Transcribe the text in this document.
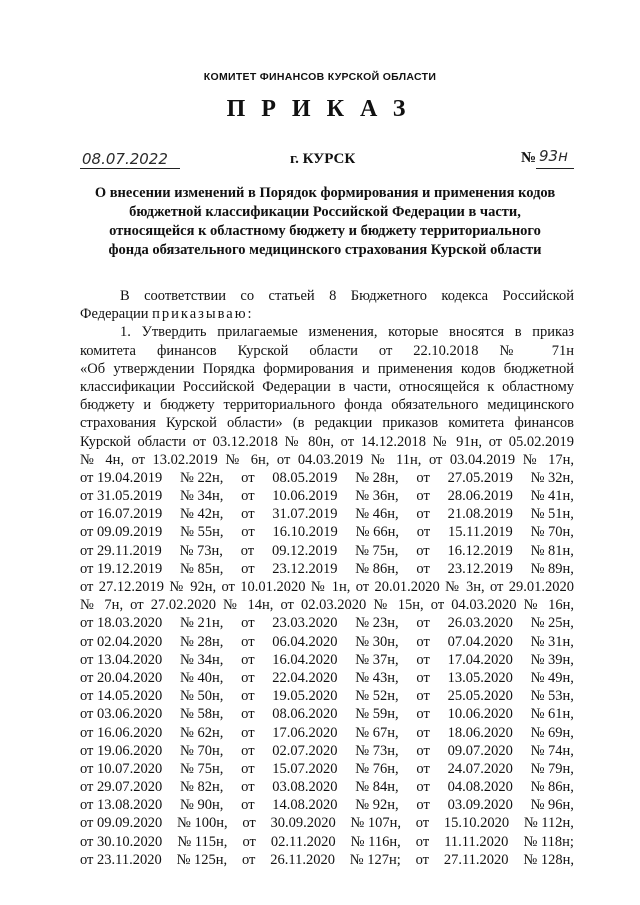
КОМИТЕТ ФИНАНСОВ КУРСКОЙ ОБЛАСТИ
ПРИКАЗ
08.07.2022	г. КУРСК	№ 93н
О внесении изменений в Порядок формирования и применения кодов
бюджетной классификации Российской Федерации в части,
относящейся к областному бюджету и бюджету территориального
фонда обязательного медицинского страхования Курской области
В соответствии со статьей 8 Бюджетного кодекса Российской
Федерации приказываю:
1. Утвердить прилагаемые изменения, которые вносятся в приказ
комитета финансов Курской области от 22.10.2018 № 71н
«Об утверждении Порядка формирования и применения кодов бюджетной
классификации Российской Федерации в части, относящейся к областному
бюджету и бюджету территориального фонда обязательного медицинского
страхования Курской области» (в редакции приказов комитета финансов
Курской области от 03.12.2018 № 80н, от 14.12.2018 № 91н, от 05.02.2019
№ 4н, от 13.02.2019 № 6н, от 04.03.2019 № 11н, от 03.04.2019 № 17н,
от 19.04.2019 № 22н, от 08.05.2019 № 28н, от 27.05.2019 № 32н,
от 31.05.2019 № 34н, от 10.06.2019 № 36н, от 28.06.2019 № 41н,
от 16.07.2019 № 42н, от 31.07.2019 № 46н, от 21.08.2019 № 51н,
от 09.09.2019 № 55н, от 16.10.2019 № 66н, от 15.11.2019 № 70н,
от 29.11.2019 № 73н, от 09.12.2019 № 75н, от 16.12.2019 № 81н,
от 19.12.2019 № 85н, от 23.12.2019 № 86н, от 23.12.2019 № 89н,
от 27.12.2019 № 92н, от 10.01.2020 № 1н, от 20.01.2020 № 3н, от 29.01.2020
№ 7н, от 27.02.2020 № 14н, от 02.03.2020 № 15н, от 04.03.2020 № 16н,
от 18.03.2020 № 21н, от 23.03.2020 № 23н, от 26.03.2020 № 25н,
от 02.04.2020 № 28н, от 06.04.2020 № 30н, от 07.04.2020 № 31н,
от 13.04.2020 № 34н, от 16.04.2020 № 37н, от 17.04.2020 № 39н,
от 20.04.2020 № 40н, от 22.04.2020 № 43н, от 13.05.2020 № 49н,
от 14.05.2020 № 50н, от 19.05.2020 № 52н, от 25.05.2020 № 53н,
от 03.06.2020 № 58н, от 08.06.2020 № 59н, от 10.06.2020 № 61н,
от 16.06.2020 № 62н, от 17.06.2020 № 67н, от 18.06.2020 № 69н,
от 19.06.2020 № 70н, от 02.07.2020 № 73н, от 09.07.2020 № 74н,
от 10.07.2020 № 75н, от 15.07.2020 № 76н, от 24.07.2020 № 79н,
от 29.07.2020 № 82н, от 03.08.2020 № 84н, от 04.08.2020 № 86н,
от 13.08.2020 № 90н, от 14.08.2020 № 92н, от 03.09.2020 № 96н,
от 09.09.2020 № 100н, от 30.09.2020 № 107н, от 15.10.2020 № 112н,
от 30.10.2020 № 115н, от 02.11.2020 № 116н, от 11.11.2020 № 118н;
от 23.11.2020 № 125н, от 26.11.2020 № 127н; от 27.11.2020 № 128н,
